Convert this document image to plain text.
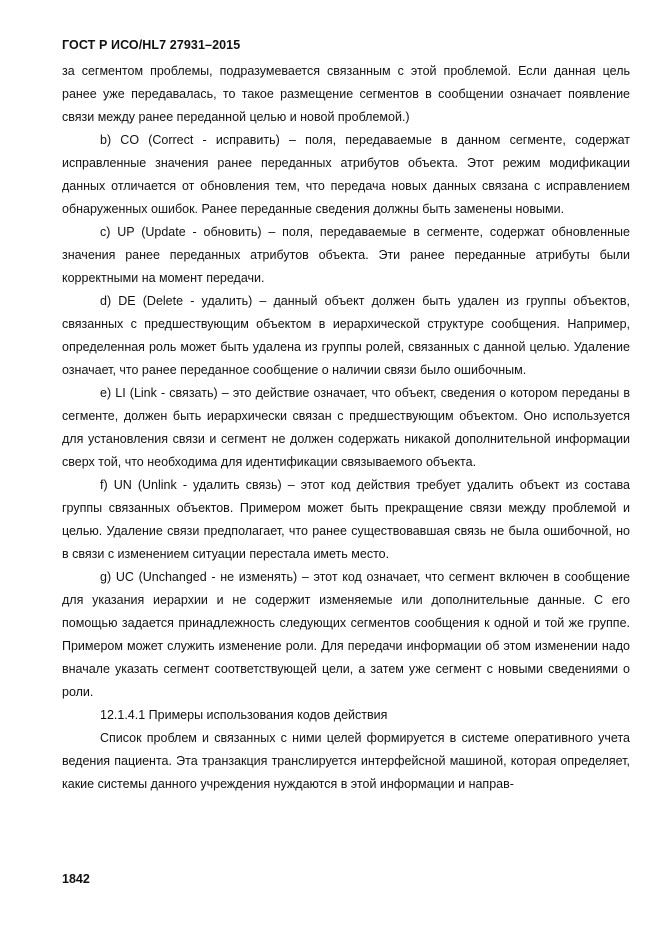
ГОСТ Р ИСО/HL7 27931–2015

за сегментом проблемы, подразумевается связанным с этой проблемой. Если данная цель ранее уже передавалась, то такое размещение сегментов в сообщении означает появление связи между ранее переданной целью и новой проблемой.)

b) CO (Correct - исправить) – поля, передаваемые в данном сегменте, содержат исправленные значения ранее переданных атрибутов объекта. Этот режим модификации данных отличается от обновления тем, что передача новых данных связана с исправлением обнаруженных ошибок. Ранее переданные сведения должны быть заменены новыми.

c) UP (Update - обновить) – поля, передаваемые в сегменте, содержат обновленные значения ранее переданных атрибутов объекта. Эти ранее переданные атрибуты были корректными на момент передачи.

d) DE (Delete - удалить) – данный объект должен быть удален из группы объектов, связанных с предшествующим объектом в иерархической структуре сообщения. Например, определенная роль может быть удалена из группы ролей, связанных с данной целью. Удаление означает, что ранее переданное сообщение о наличии связи было ошибочным.

e) LI (Link - связать) – это действие означает, что объект, сведения о котором переданы в сегменте, должен быть иерархически связан с предшествующим объектом. Оно используется для установления связи и сегмент не должен содержать никакой дополнительной информации сверх той, что необходима для идентификации связываемого объекта.

f) UN (Unlink - удалить связь) – этот код действия требует удалить объект из состава группы связанных объектов. Примером может быть прекращение связи между проблемой и целью. Удаление связи предполагает, что ранее существовавшая связь не была ошибочной, но в связи с изменением ситуации перестала иметь место.

g) UC (Unchanged - не изменять) – этот код означает, что сегмент включен в сообщение для указания иерархии и не содержит изменяемые или дополнительные данные. С его помощью задается принадлежность следующих сегментов сообщения к одной и той же группе. Примером может служить изменение роли. Для передачи информации об этом изменении надо вначале указать сегмент соответствующей цели, а затем уже сегмент с новыми сведениями о роли.

12.1.4.1 Примеры использования кодов действия

Список проблем и связанных с ними целей формируется в системе оперативного учета ведения пациента. Эта транзакция транслируется интерфейсной машиной, которая определяет, какие системы данного учреждения нуждаются в этой информации и направ-

1842
